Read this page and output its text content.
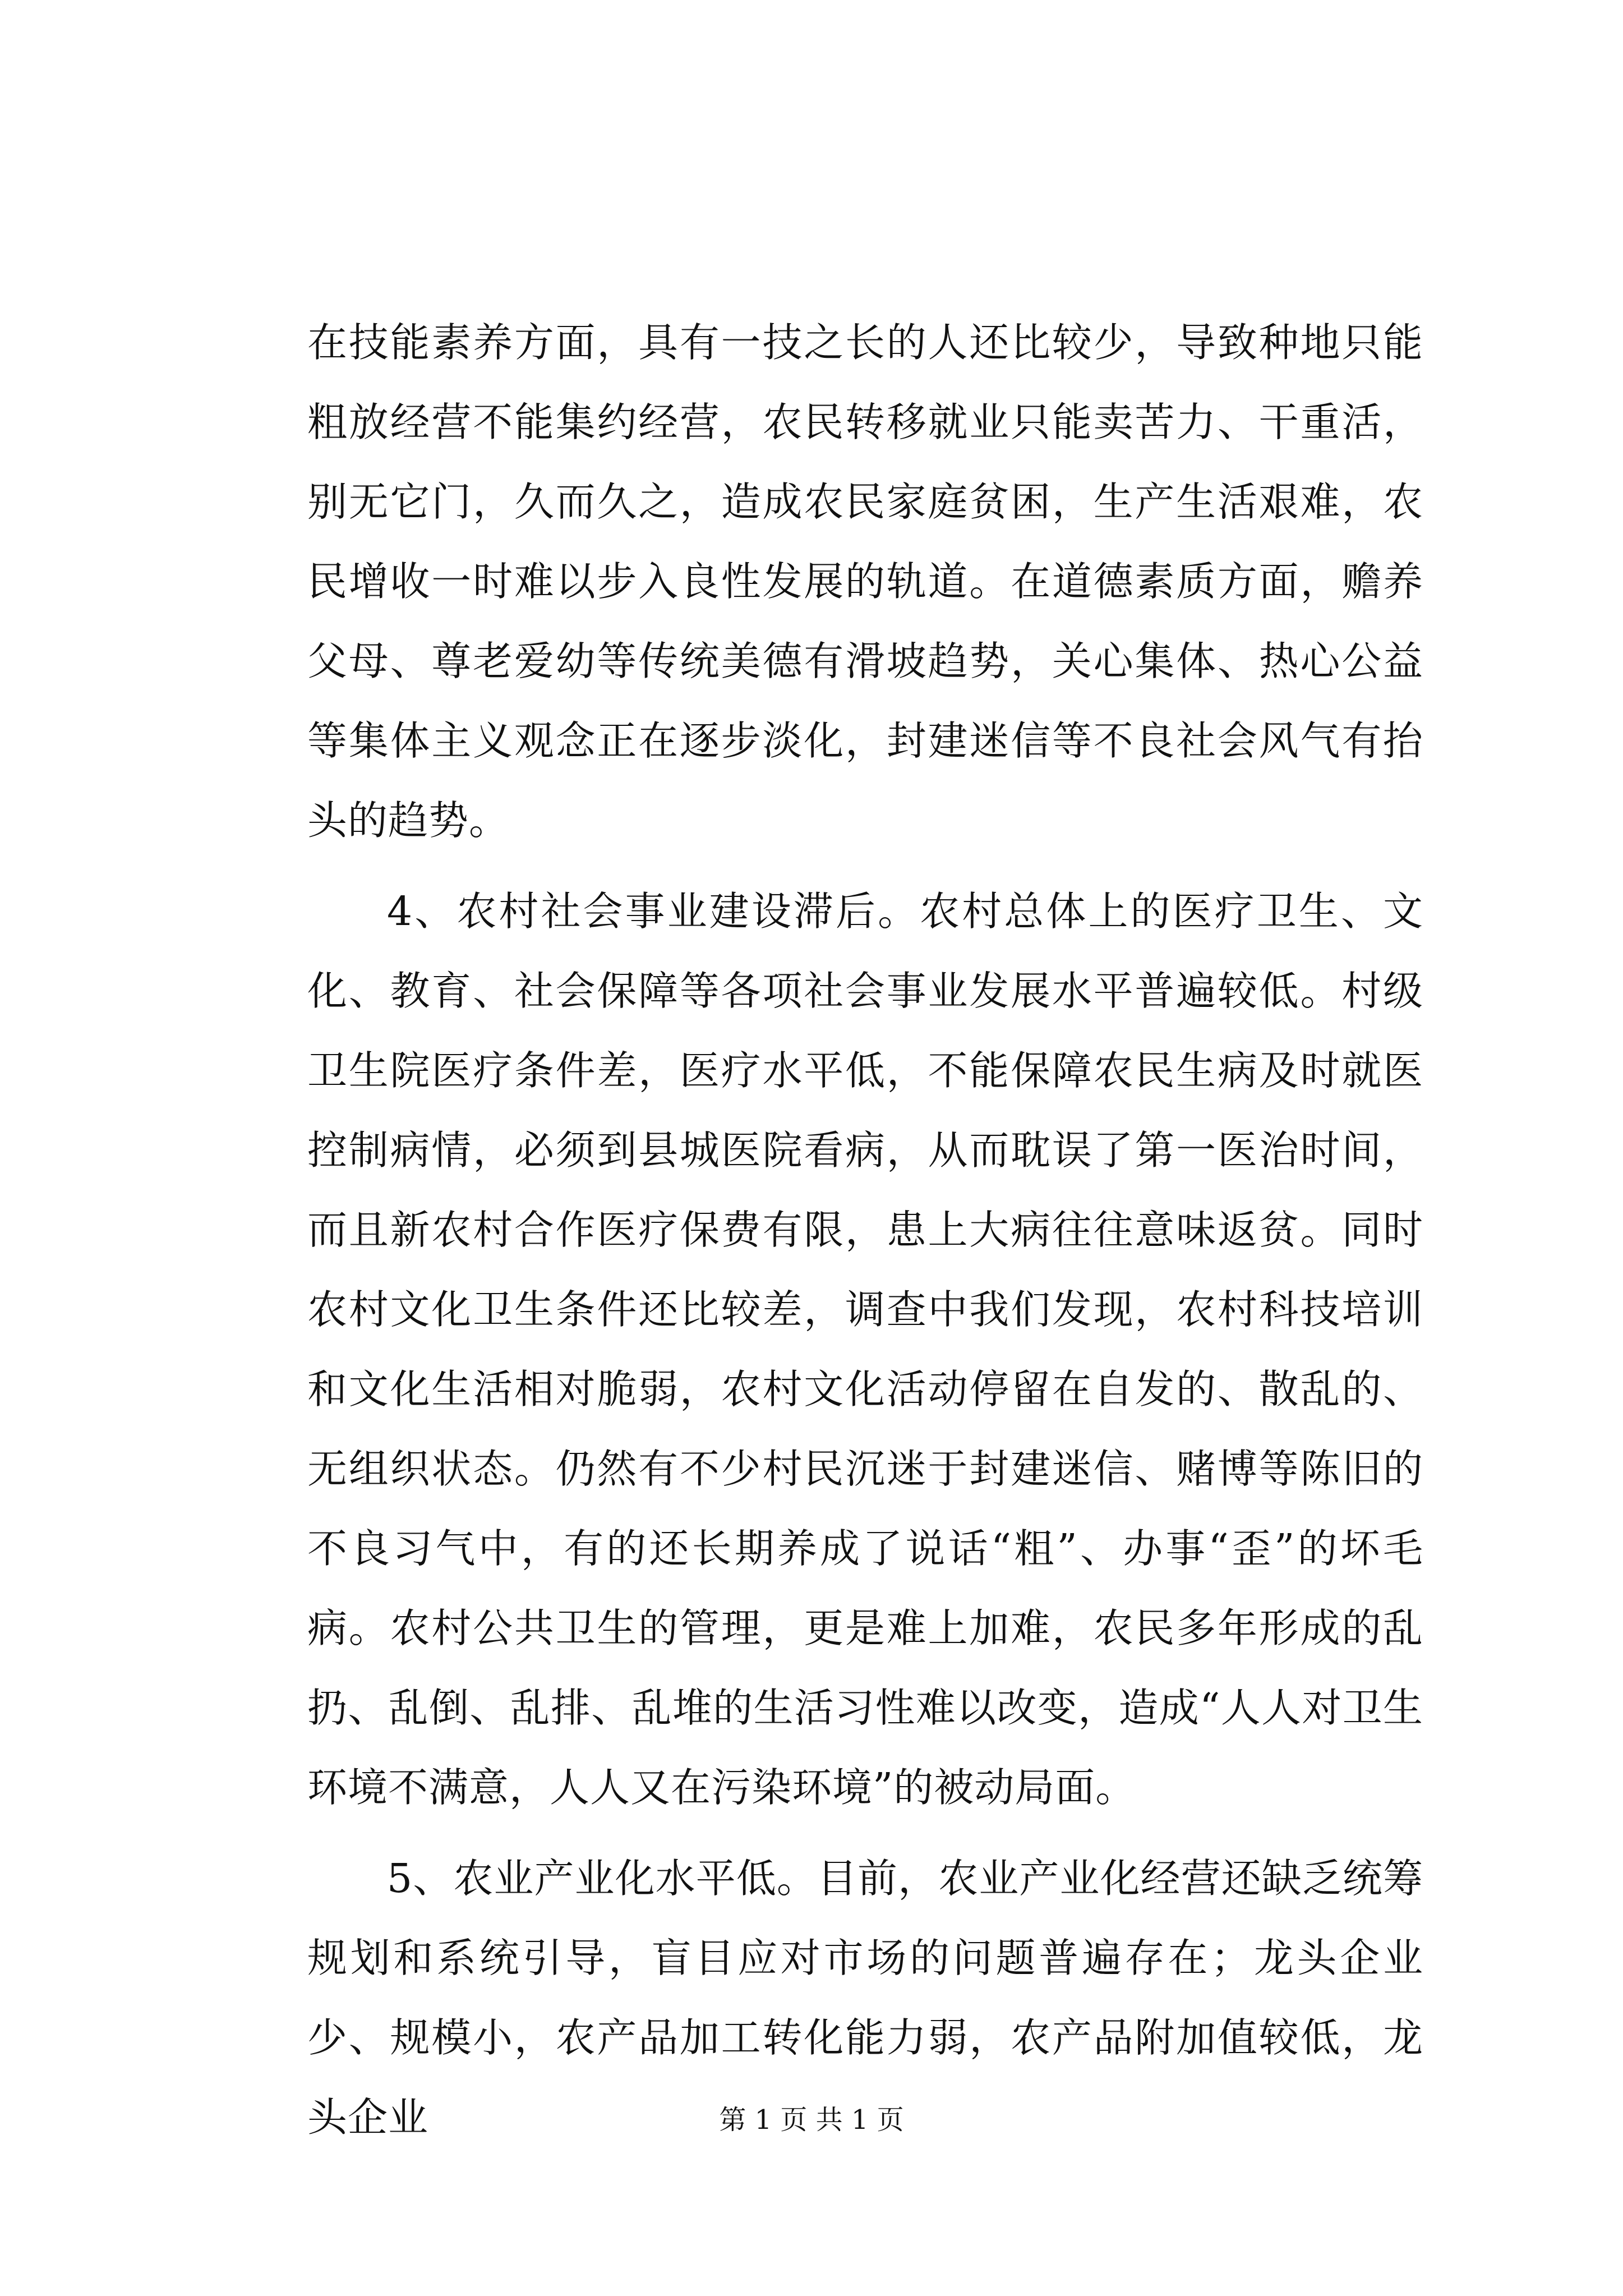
在技能素养方面，具有一技之长的人还比较少，导致种地只能粗放经营不能集约经营，农民转移就业只能卖苦力、干重活，别无它门，久而久之，造成农民家庭贫困，生产生活艰难，农民增收一时难以步入良性发展的轨道。在道德素质方面，赡养父母、尊老爱幼等传统美德有滑坡趋势，关心集体、热心公益等集体主义观念正在逐步淡化，封建迷信等不良社会风气有抬头的趋势。

4、农村社会事业建设滞后。农村总体上的医疗卫生、文化、教育、社会保障等各项社会事业发展水平普遍较低。村级卫生院医疗条件差，医疗水平低，不能保障农民生病及时就医控制病情，必须到县城医院看病，从而耽误了第一医治时间，而且新农村合作医疗保费有限，患上大病往往意味返贫。同时农村文化卫生条件还比较差，调查中我们发现，农村科技培训和文化生活相对脆弱，农村文化活动停留在自发的、散乱的、无组织状态。仍然有不少村民沉迷于封建迷信、赌博等陈旧的不良习气中，有的还长期养成了说话“粗”、办事“歪”的坏毛病。农村公共卫生的管理，更是难上加难，农民多年形成的乱扔、乱倒、乱排、乱堆的生活习性难以改变，造成“人人对卫生环境不满意，人人又在污染环境”的被动局面。

5、农业产业化水平低。目前，农业产业化经营还缺乏统筹规划和系统引导，盲目应对市场的问题普遍存在；龙头企业少、规模小，农产品加工转化能力弱，农产品附加值较低，龙头企业	第 1 页 共 1 页
